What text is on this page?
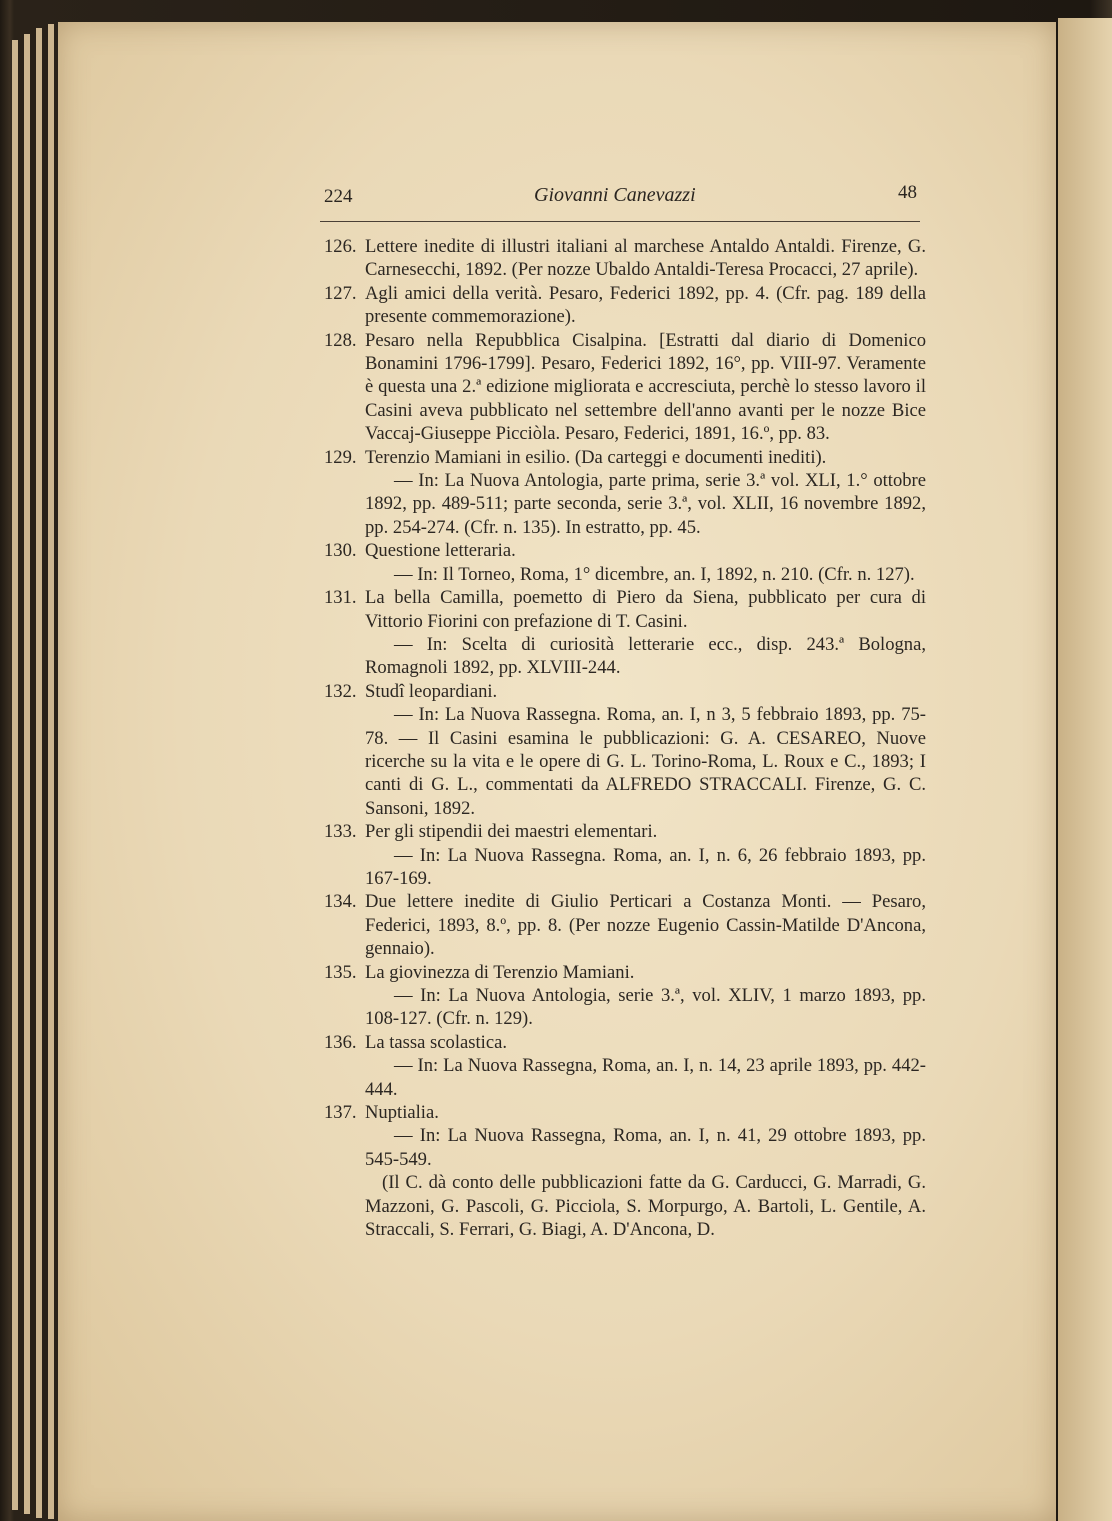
224	Giovanni Canevazzi	48
126. Lettere inedite di illustri italiani al marchese Antaldo Antaldi. Firenze, G. Carnesecchi, 1892. (Per nozze Ubaldo Antaldi-Teresa Procacci, 27 aprile).
127. Agli amici della verità. Pesaro, Federici 1892, pp. 4. (Cfr. pag. 189 della presente commemorazione).
128. Pesaro nella Repubblica Cisalpina. [Estratti dal diario di Domenico Bonamini 1796-1799]. Pesaro, Federici 1892, 16°, pp. VIII-97. Veramente è questa una 2.ª edizione migliorata e accresciuta, perchè lo stesso lavoro il Casini aveva pubblicato nel settembre dell'anno avanti per le nozze Bice Vaccaj-Giuseppe Picciòla. Pesaro, Federici, 1891, 16.º, pp. 83.
129. Terenzio Mamiani in esilio. (Da carteggi e documenti inediti).
— In: La Nuova Antologia, parte prima, serie 3.ª vol. XLI, 1.° ottobre 1892, pp. 489-511; parte seconda, serie 3.ª, vol. XLII, 16 novembre 1892, pp. 254-274. (Cfr. n. 135). In estratto, pp. 45.
130. Questione letteraria.
— In: Il Torneo, Roma, 1° dicembre, an. I, 1892, n. 210. (Cfr. n. 127).
131. La bella Camilla, poemetto di Piero da Siena, pubblicato per cura di Vittorio Fiorini con prefazione di T. Casini.
— In: Scelta di curiosità letterarie ecc., disp. 243.ª Bologna, Romagnoli 1892, pp. XLVIII-244.
132. Studî leopardiani.
— In: La Nuova Rassegna. Roma, an. I, n 3, 5 febbraio 1893, pp. 75-78. — Il Casini esamina le pubblicazioni: G. A. CESAREO, Nuove ricerche su la vita e le opere di G. L. Torino-Roma, L. Roux e C., 1893; I canti di G. L., commentati da ALFREDO STRACCALI. Firenze, G. C. Sansoni, 1892.
133. Per gli stipendii dei maestri elementari.
— In: La Nuova Rassegna. Roma, an. I, n. 6, 26 febbraio 1893, pp. 167-169.
134. Due lettere inedite di Giulio Perticari a Costanza Monti. — Pesaro, Federici, 1893, 8.º, pp. 8. (Per nozze Eugenio Cassin-Matilde D'Ancona, gennaio).
135. La giovinezza di Terenzio Mamiani.
— In: La Nuova Antologia, serie 3.ª, vol. XLIV, 1 marzo 1893, pp. 108-127. (Cfr. n. 129).
136. La tassa scolastica.
— In: La Nuova Rassegna, Roma, an. I, n. 14, 23 aprile 1893, pp. 442-444.
137. Nuptialia.
— In: La Nuova Rassegna, Roma, an. I, n. 41, 29 ottobre 1893, pp. 545-549.
(Il C. dà conto delle pubblicazioni fatte da G. Carducci, G. Marradi, G. Mazzoni, G. Pascoli, G. Picciola, S. Morpurgo, A. Bartoli, L. Gentile, A. Straccali, S. Ferrari, G. Biagi, A. D'Ancona, D.
